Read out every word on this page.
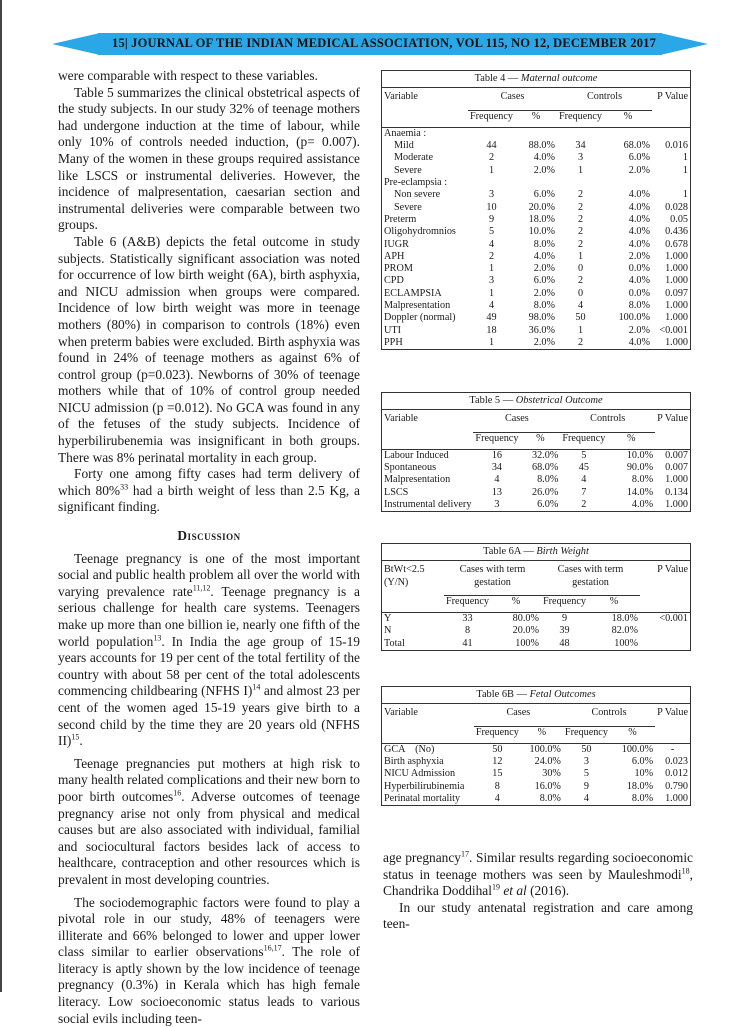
15| JOURNAL OF THE INDIAN MEDICAL ASSOCIATION, VOL 115, NO 12, DECEMBER 2017

were comparable with respect to these variables.

Table 5 summarizes the clinical obstetrical aspects of the study subjects. In our study 32% of teenage mothers had undergone induction at the time of labour, while only 10% of controls needed induction, (p= 0.007). Many of the women in these groups required assistance like LSCS or instrumental deliveries. However, the incidence of malpresentation, caesarian section and instrumental deliveries were comparable between two groups.

Table 6 (A&B) depicts the fetal outcome in study subjects. Statistically significant association was noted for occurrence of low birth weight (6A), birth asphyxia, and NICU admission when groups were compared. Incidence of low birth weight was more in teenage mothers (80%) in comparison to controls (18%) even when preterm babies were excluded. Birth asphyxia was found in 24% of teenage mothers as against 6% of control group (p=0.023). Newborns of 30% of teenage mothers while that of 10% of control group needed NICU admission (p =0.012). No GCA was found in any of the fetuses of the study subjects. Incidence of hyperbilirubenemia was insignificant in both groups. There was 8% perinatal mortality in each group.

Forty one among fifty cases had term delivery of which 80%$^{33}$ had a birth weight of less than 2.5 Kg, a significant finding.

Discussion

Teenage pregnancy is one of the most important social and public health problem all over the world with varying prevalence rate$^{11,12}$. Teenage pregnancy is a serious challenge for health care systems. Teenagers make up more than one billion ie, nearly one fifth of the world population$^{13}$. In India the age group of 15-19 years accounts for 19 per cent of the total fertility of the country with about 58 per cent of the total adolescents commencing childbearing (NFHS I)$^{14}$ and almost 23 per cent of the women aged 15-19 years give birth to a second child by the time they are 20 years old (NFHS II)$^{15}$.

Teenage pregnancies put mothers at high risk to many health related complications and their new born to poor birth outcomes$^{16}$. Adverse outcomes of teenage pregnancy arise not only from physical and medical causes but are also associated with individual, familial and sociocultural factors besides lack of access to healthcare, contraception and other resources which is prevalent in most developing countries.

The sociodemographic factors were found to play a pivotal role in our study, 48% of teenagers were illiterate and 66% belonged to lower and upper lower class similar to earlier observations$^{16,17}$. The role of literacy is aptly shown by the low incidence of teenage pregnancy (0.3%) in Kerala which has high female literacy. Low socioeconomic status leads to various social evils including teen-

Table 4 — Maternal outcome
Variable	Cases		Controls		P Value

	Frequency	%	Frequency	%	

Anaemia :					
Mild	44	88.0%	34	68.0%	0.016
Moderate	2	4.0%	3	6.0%	1
Severe	1	2.0%	1	2.0%	1
Pre-eclampsia :					
Non severe	3	6.0%	2	4.0%	1
Severe	10	20.0%	2	4.0%	0.028
Preterm	9	18.0%	2	4.0%	0.05
Oligohydromnios	5	10.0%	2	4.0%	0.436
IUGR	4	8.0%	2	4.0%	0.678
APH	2	4.0%	1	2.0%	1.000
PROM	1	2.0%	0	0.0%	1.000
CPD	3	6.0%	2	4.0%	1.000
ECLAMPSIA	1	2.0%	0	0.0%	0.097
Malpresentation	4	8.0%	4	8.0%	1.000
Doppler (normal)	49	98.0%	50	100.0%	1.000
UTI	18	36.0%	1	2.0%	<0.001
PPH	1	2.0%	2	4.0%	1.000
Table 5 — Obstetrical Outcome
Variable	Cases		Controls		P Value

	Frequency	%	Frequency	%	

Labour Induced	16	32.0%	5	10.0%	0.007
Spontaneous	34	68.0%	45	90.0%	0.007
Malpresentation	4	8.0%	4	8.0%	1.000
LSCS	13	26.0%	7	14.0%	0.134
Instrumental delivery	3	6.0%	2	4.0%	1.000
Table 6A — Birth Weight
BtWt<2.5	Cases with term		Cases with term		P Value
(Y/N)	gestation		gestation		

	Frequency	%	Frequency	%	

Y	33	80.0%	9	18.0%	<0.001
N	8	20.0%	39	82.0%	
Total	41	100%	48	100%	
Table 6B — Fetal Outcomes
Variable	Cases		Controls		P Value

	Frequency	%	Frequency	%	

GCA    (No)	50	100.0%	50	100.0%	-
Birth asphyxia	12	24.0%	3	6.0%	0.023
NICU Admission	15	30%	5	10%	0.012
Hyperbilirubinemia	8	16.0%	9	18.0%	0.790
Perinatal mortality	4	8.0%	4	8.0%	1.000

age pregnancy$^{17}$. Similar results regarding socioeconomic status in teenage mothers was seen by Mauleshmodi$^{18}$, Chandrika Doddihal$^{19}$ et al (2016).

In our study antenatal registration and care among teen-
